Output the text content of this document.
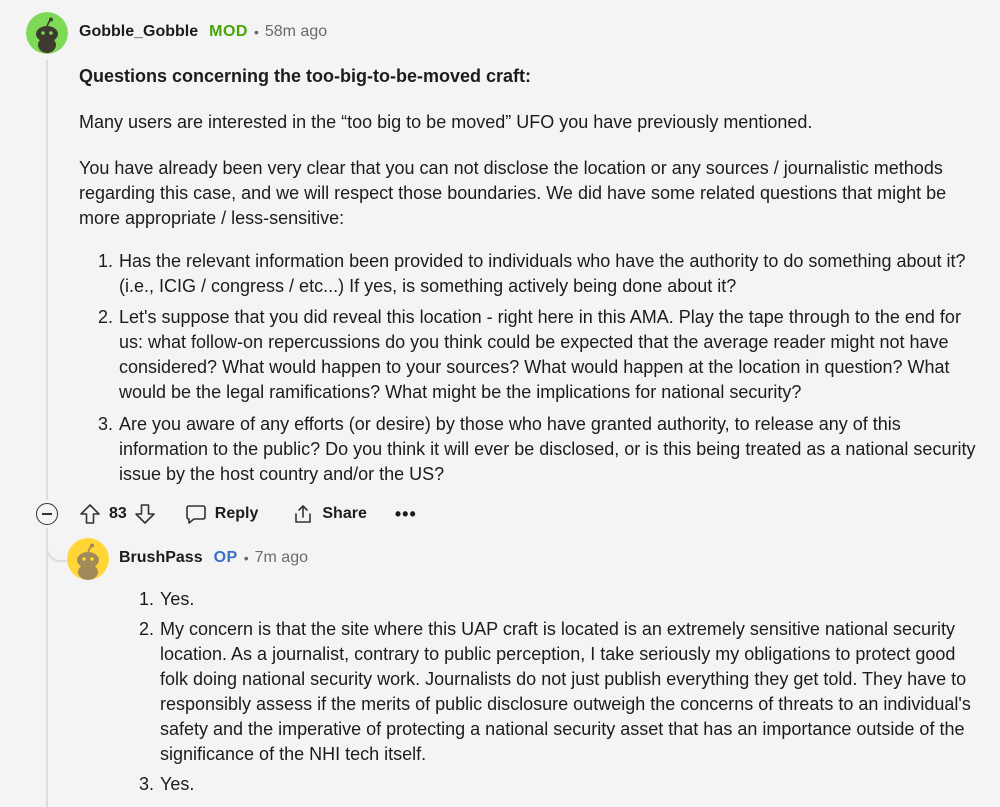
Gobble_Gobble MOD • 58m ago
Questions concerning the too-big-to-be-moved craft:
Many users are interested in the “too big to be moved” UFO you have previously mentioned.
You have already been very clear that you can not disclose the location or any sources / journalistic methods regarding this case, and we will respect those boundaries. We did have some related questions that might be more appropriate / less-sensitive:
1. Has the relevant information been provided to individuals who have the authority to do something about it? (i.e., ICIG / congress / etc...) If yes, is something actively being done about it?
2. Let's suppose that you did reveal this location - right here in this AMA. Play the tape through to the end for us: what follow-on repercussions do you think could be expected that the average reader might not have considered? What would happen to your sources? What would happen at the location in question? What would be the legal ramifications? What might be the implications for national security?
3. Are you aware of any efforts (or desire) by those who have granted authority, to release any of this information to the public? Do you think it will ever be disclosed, or is this being treated as a national security issue by the host country and/or the US?
83	Reply	Share •••
BrushPass OP • 7m ago
1. Yes.
2. My concern is that the site where this UAP craft is located is an extremely sensitive national security location. As a journalist, contrary to public perception, I take seriously my obligations to protect good folk doing national security work. Journalists do not just publish everything they get told. They have to responsibly assess if the merits of public disclosure outweigh the concerns of threats to an individual's safety and the imperative of protecting a national security asset that has an importance outside of the significance of the NHI tech itself.
3. Yes.
